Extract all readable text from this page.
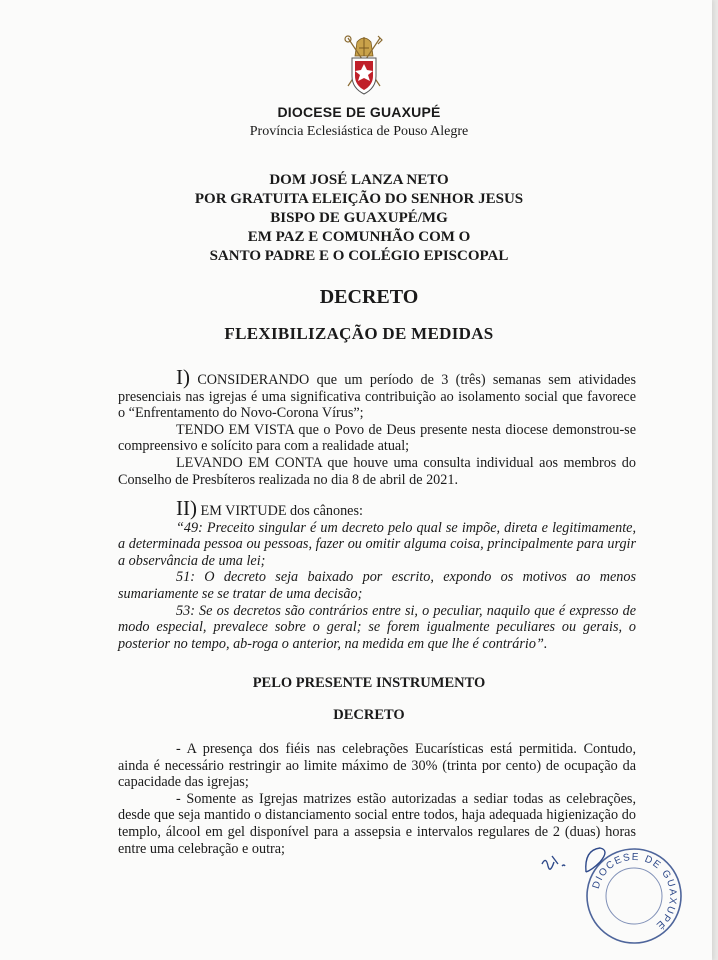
DIOCESE DE GUAXUPÉ
Província Eclesiástica de Pouso Alegre
DOM JOSÉ LANZA NETO
POR GRATUITA ELEIÇÃO DO SENHOR JESUS
BISPO DE GUAXUPÉ/MG
EM PAZ E COMUNHÃO COM O
SANTO PADRE E O COLÉGIO EPISCOPAL
DECRETO
FLEXIBILIZAÇÃO DE MEDIDAS
I) CONSIDERANDO que um período de 3 (três) semanas sem atividades presenciais nas igrejas é uma significativa contribuição ao isolamento social que favorece o “Enfrentamento do Novo-Corona Vírus”;
TENDO EM VISTA que o Povo de Deus presente nesta diocese demonstrou-se compreensivo e solícito para com a realidade atual;
LEVANDO EM CONTA que houve uma consulta individual aos membros do Conselho de Presbíteros realizada no dia 8 de abril de 2021.
II) EM VIRTUDE dos cânones:
“49: Preceito singular é um decreto pelo qual se impõe, direta e legitimamente, a determinada pessoa ou pessoas, fazer ou omitir alguma coisa, principalmente para urgir a observância de uma lei;
51: O decreto seja baixado por escrito, expondo os motivos ao menos sumariamente se se tratar de uma decisão;
53: Se os decretos são contrários entre si, o peculiar, naquilo que é expresso de modo especial, prevalece sobre o geral; se forem igualmente peculiares ou gerais, o posterior no tempo, ab-roga o anterior, na medida em que lhe é contrário”.
PELO PRESENTE INSTRUMENTO
DECRETO
- A presença dos fiéis nas celebrações Eucarísticas está permitida. Contudo, ainda é necessário restringir ao limite máximo de 30% (trinta por cento) de ocupação da capacidade das igrejas;
- Somente as Igrejas matrizes estão autorizadas a sediar todas as celebrações, desde que seja mantido o distanciamento social entre todos, haja adequada higienização do templo, álcool em gel disponível para a assepsia e intervalos regulares de 2 (duas) horas entre uma celebração e outra;
DIOCESE DE GUAXUPÉ
